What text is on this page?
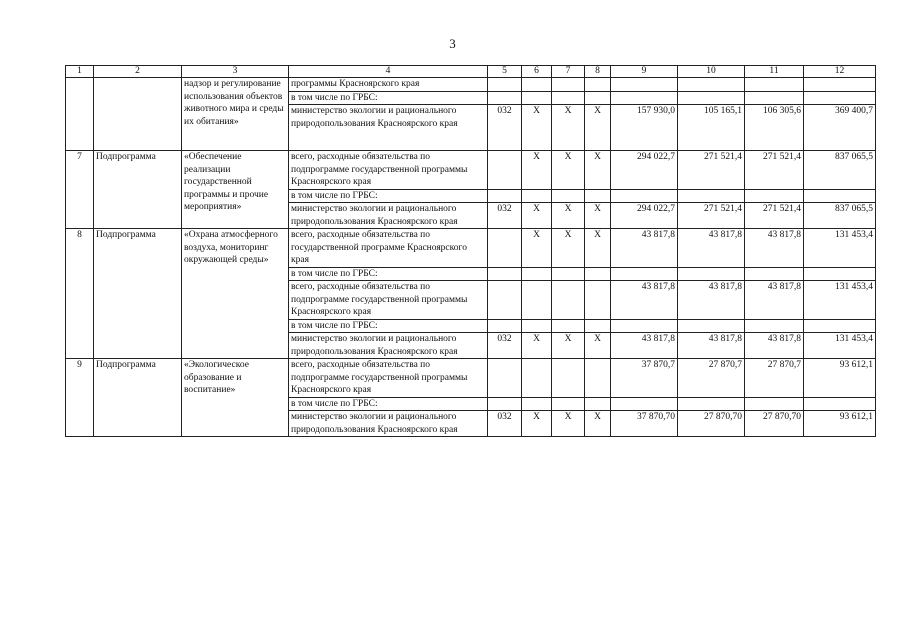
3
1	2	3	4	5	6	7	8	9	10	11	12
		надзор и регулирование использования объектов животного мира и среды их обитания»	программы Красноярского края								
			в том числе по ГРБС:								
			министерство экологии и рационального природопользования Красноярского края	032	X	X	X	157 930,0	105 165,1	106 305,6	369 400,7
7	Подпрограмма	«Обеспечение реализации государственной программы и прочие мероприятия»	всего, расходные обязательства по подпрограмме государственной программы Красноярского края		X	X	X	294 022,7	271 521,4	271 521,4	837 065,5
			в том числе по ГРБС:								
			министерство экологии и рационального природопользования Красноярского края	032	X	X	X	294 022,7	271 521,4	271 521,4	837 065,5
8	Подпрограмма	«Охрана атмосферного воздуха, мониторинг окружающей среды»	всего, расходные обязательства по государственной программе Красноярского края		X	X	X	43 817,8	43 817,8	43 817,8	131 453,4
			в том числе по ГРБС:								
			всего, расходные обязательства по подпрограмме государственной программы Красноярского края					43 817,8	43 817,8	43 817,8	131 453,4
			в том числе по ГРБС:								
			министерство экологии и рационального природопользования Красноярского края	032	X	X	X	43 817,8	43 817,8	43 817,8	131 453,4
9	Подпрограмма	«Экологическое образование и воспитание»	всего, расходные обязательства по подпрограмме государственной программы Красноярского края					37 870,7	27 870,7	27 870,7	93 612,1
			в том числе по ГРБС:								
			министерство экологии и рационального природопользования Красноярского края	032	X	X	X	37 870,70	27 870,70	27 870,70	93 612,1
